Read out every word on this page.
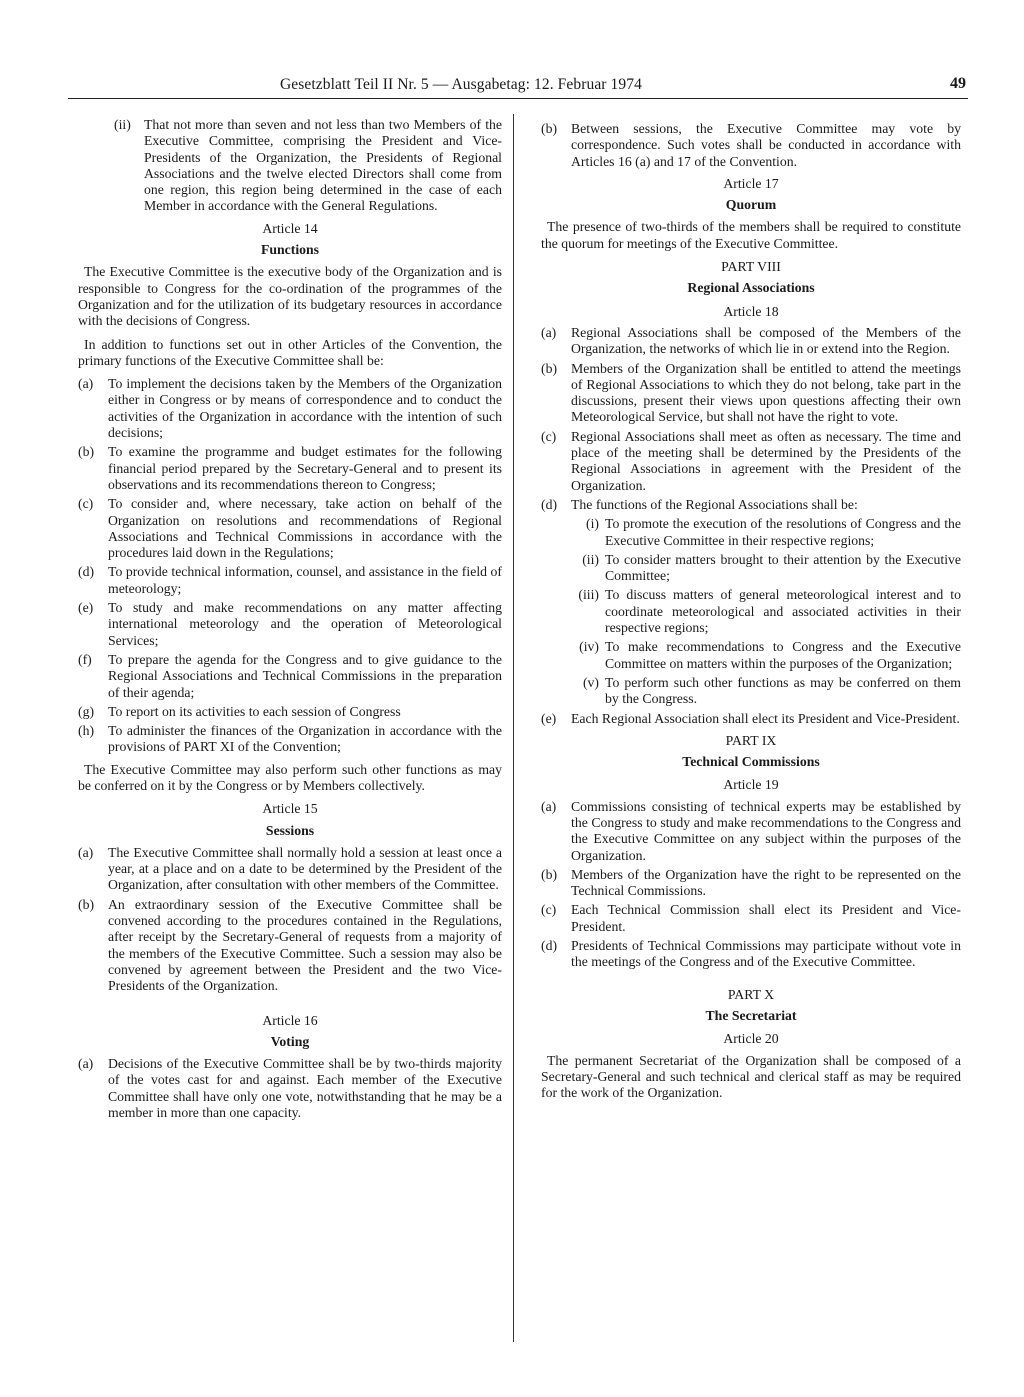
Gesetzblatt Teil II Nr. 5 — Ausgabetag: 12. Februar 1974	49
(ii) That not more than seven and not less than two Members of the Executive Committee, comprising the President and Vice-Presidents of the Organization, the Presidents of Regional Associations and the twelve elected Directors shall come from one region, this region being determined in the case of each Member in accordance with the General Regulations.
Article 14
Functions

The Executive Committee is the executive body of the Organization and is responsible to Congress for the co-ordination of the programmes of the Organization and for the utilization of its budgetary resources in accordance with the decisions of Congress.

In addition to functions set out in other Articles of the Convention, the primary functions of the Executive Committee shall be:

(a)	To implement the decisions taken by the Members of the Organization either in Congress or by means of correspondence and to conduct the activities of the Organization in accordance with the intention of such decisions;
(b)	To examine the programme and budget estimates for the following financial period prepared by the Secretary-General and to present its observations and its recommendations thereon to Congress;
(c)	To consider and, where necessary, take action on behalf of the Organization on resolutions and recommendations of Regional Associations and Technical Commissions in accordance with the procedures laid down in the Regulations;
(d)	To provide technical information, counsel, and assistance in the field of meteorology;
(e)	To study and make recommendations on any matter affecting international meteorology and the operation of Meteorological Services;
(f)	To prepare the agenda for the Congress and to give guidance to the Regional Associations and Technical Commissions in the preparation of their agenda;
(g)	To report on its activities to each session of Congress
(h)	To administer the finances of the Organization in accordance with the provisions of PART XI of the Convention;

The Executive Committee may also perform such other functions as may be conferred on it by the Congress or by Members collectively.

Article 15
Sessions
(a)	The Executive Committee shall normally hold a session at least once a year, at a place and on a date to be determined by the President of the Organization, after consultation with other members of the Committee.
(b)	An extraordinary session of the Executive Committee shall be convened according to the procedures contained in the Regulations, after receipt by the Secretary-General of requests from a majority of the members of the Executive Committee. Such a session may also be convened by agreement between the President and the two Vice-Presidents of the Organization.
Article 16
Voting
(a)	Decisions of the Executive Committee shall be by two-thirds majority of the votes cast for and against. Each member of the Executive Committee shall have only one vote, notwithstanding that he may be a member in more than one capacity.
(b)	Between sessions, the Executive Committee may vote by correspondence. Such votes shall be conducted in accordance with Articles 16 (a) and 17 of the Convention.
Article 17
Quorum

The presence of two-thirds of the members shall be required to constitute the quorum for meetings of the Executive Committee.

PART VIII
Regional Associations
Article 18
(a)	Regional Associations shall be composed of the Members of the Organization, the networks of which lie in or extend into the Region.
(b)	Members of the Organization shall be entitled to attend the meetings of Regional Associations to which they do not belong, take part in the discussions, present their views upon questions affecting their own Meteorological Service, but shall not have the right to vote.
(c)	Regional Associations shall meet as often as necessary. The time and place of the meeting shall be determined by the Presidents of the Regional Associations in agreement with the President of the Organization.
(d)	The functions of the Regional Associations shall be:
(i) To promote the execution of the resolutions of Congress and the Executive Committee in their respective regions;
(ii) To consider matters brought to their attention by the Executive Committee;
(iii) To discuss matters of general meteorological interest and to coordinate meteorological and associated activities in their respective regions;
(iv) To make recommendations to Congress and the Executive Committee on matters within the purposes of the Organization;
(v) To perform such other functions as may be conferred on them by the Congress.
(e)	Each Regional Association shall elect its President and Vice-President.
PART IX
Technical Commissions
Article 19
(a)	Commissions consisting of technical experts may be established by the Congress to study and make recommendations to the Congress and the Executive Committee on any subject within the purposes of the Organization.
(b)	Members of the Organization have the right to be represented on the Technical Commissions.
(c)	Each Technical Commission shall elect its President and Vice-President.
(d)	Presidents of Technical Commissions may participate without vote in the meetings of the Congress and of the Executive Committee.
PART X
The Secretariat
Article 20

The permanent Secretariat of the Organization shall be composed of a Secretary-General and such technical and clerical staff as may be required for the work of the Organization.
